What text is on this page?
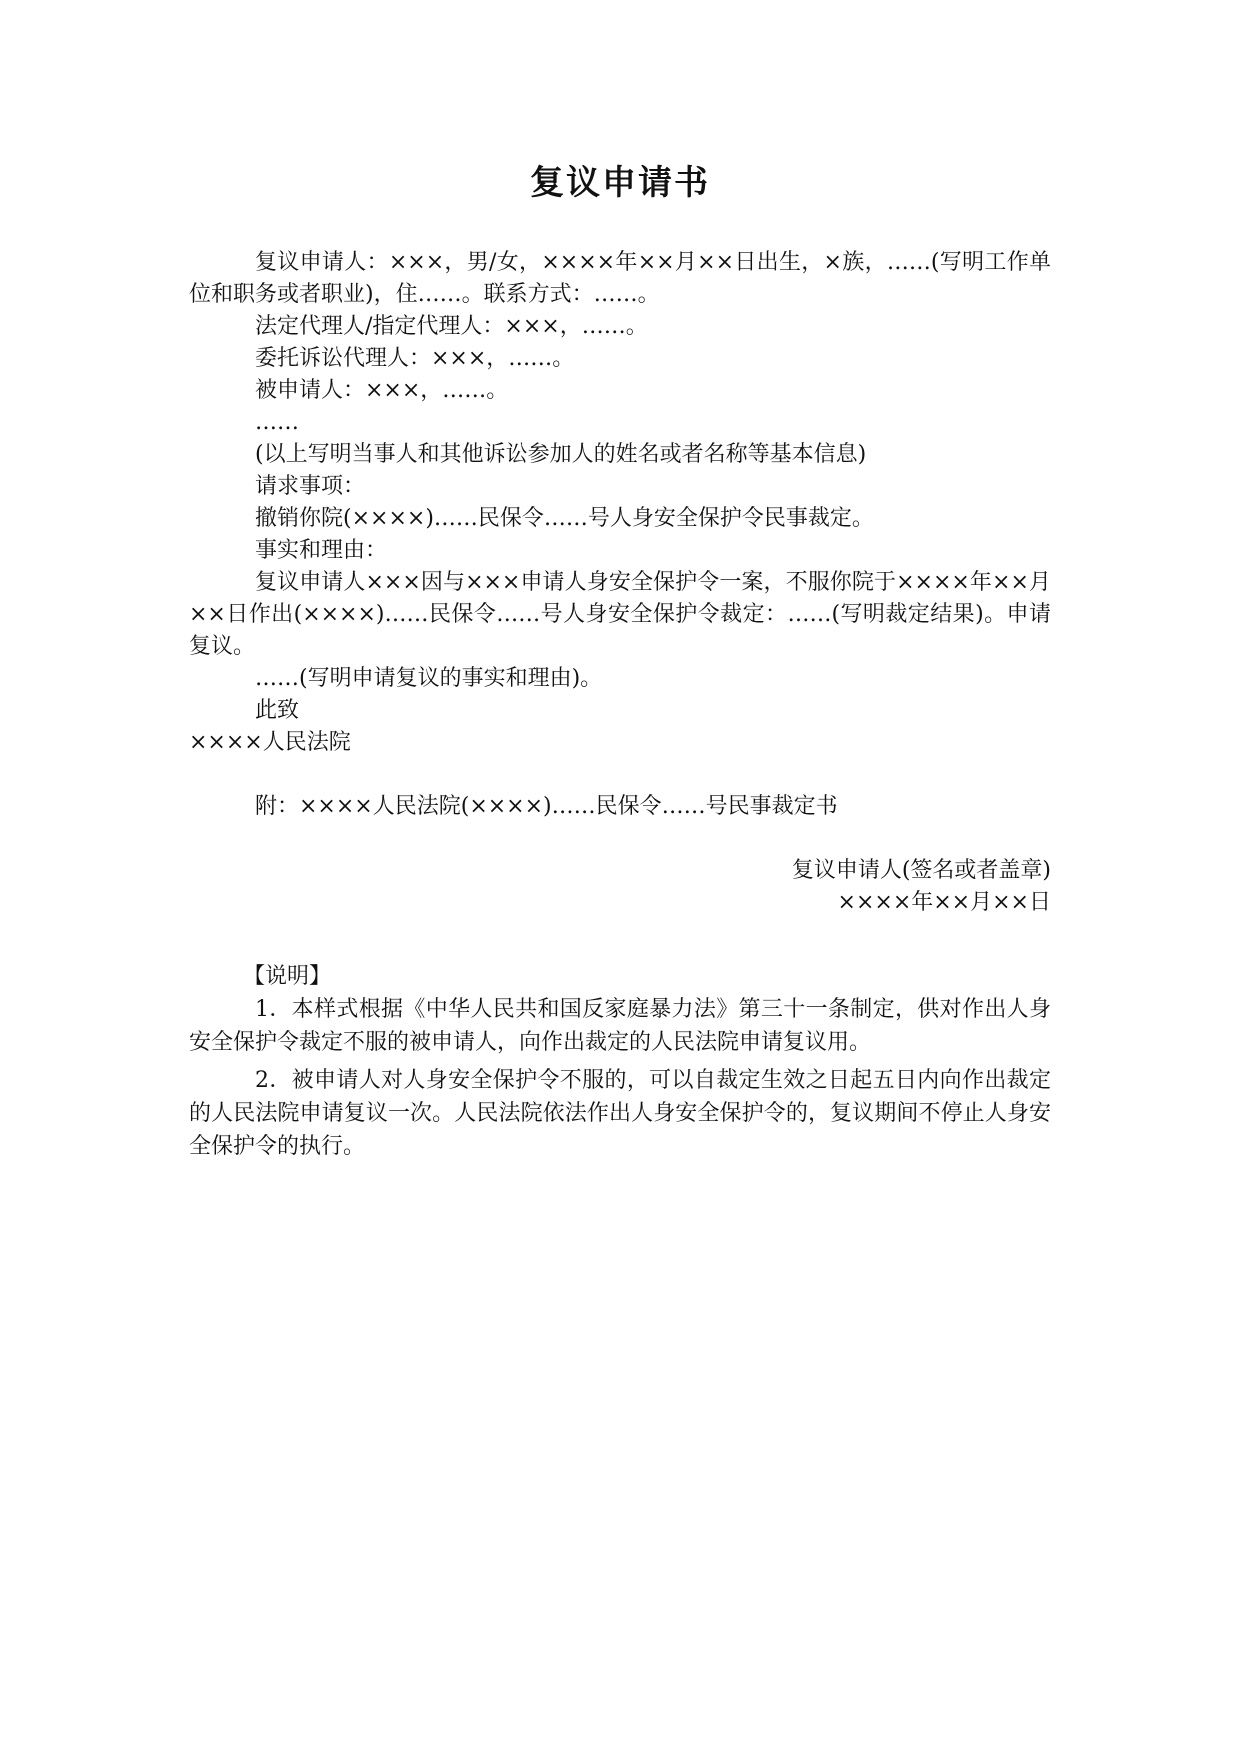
复议申请书

复议申请人：×××，男/女，××××年××月××日出生，×族，……(写明工作单位和职务或者职业)，住……。联系方式：……。

法定代理人/指定代理人：×××，……。

委托诉讼代理人：×××，……。

被申请人：×××，……。

……

(以上写明当事人和其他诉讼参加人的姓名或者名称等基本信息)

请求事项：

撤销你院(××××)……民保令……号人身安全保护令民事裁定。

事实和理由：

复议申请人×××因与×××申请人身安全保护令一案，不服你院于××××年××月××日作出(××××)……民保令……号人身安全保护令裁定：……(写明裁定结果)。申请复议。

……(写明申请复议的事实和理由)。

此致

××××人民法院

附：××××人民法院(××××)……民保令……号民事裁定书

复议申请人(签名或者盖章)

××××年××月××日

【说明】

1．本样式根据《中华人民共和国反家庭暴力法》第三十一条制定，供对作出人身安全保护令裁定不服的被申请人，向作出裁定的人民法院申请复议用。

2．被申请人对人身安全保护令不服的，可以自裁定生效之日起五日内向作出裁定的人民法院申请复议一次。人民法院依法作出人身安全保护令的，复议期间不停止人身安全保护令的执行。
